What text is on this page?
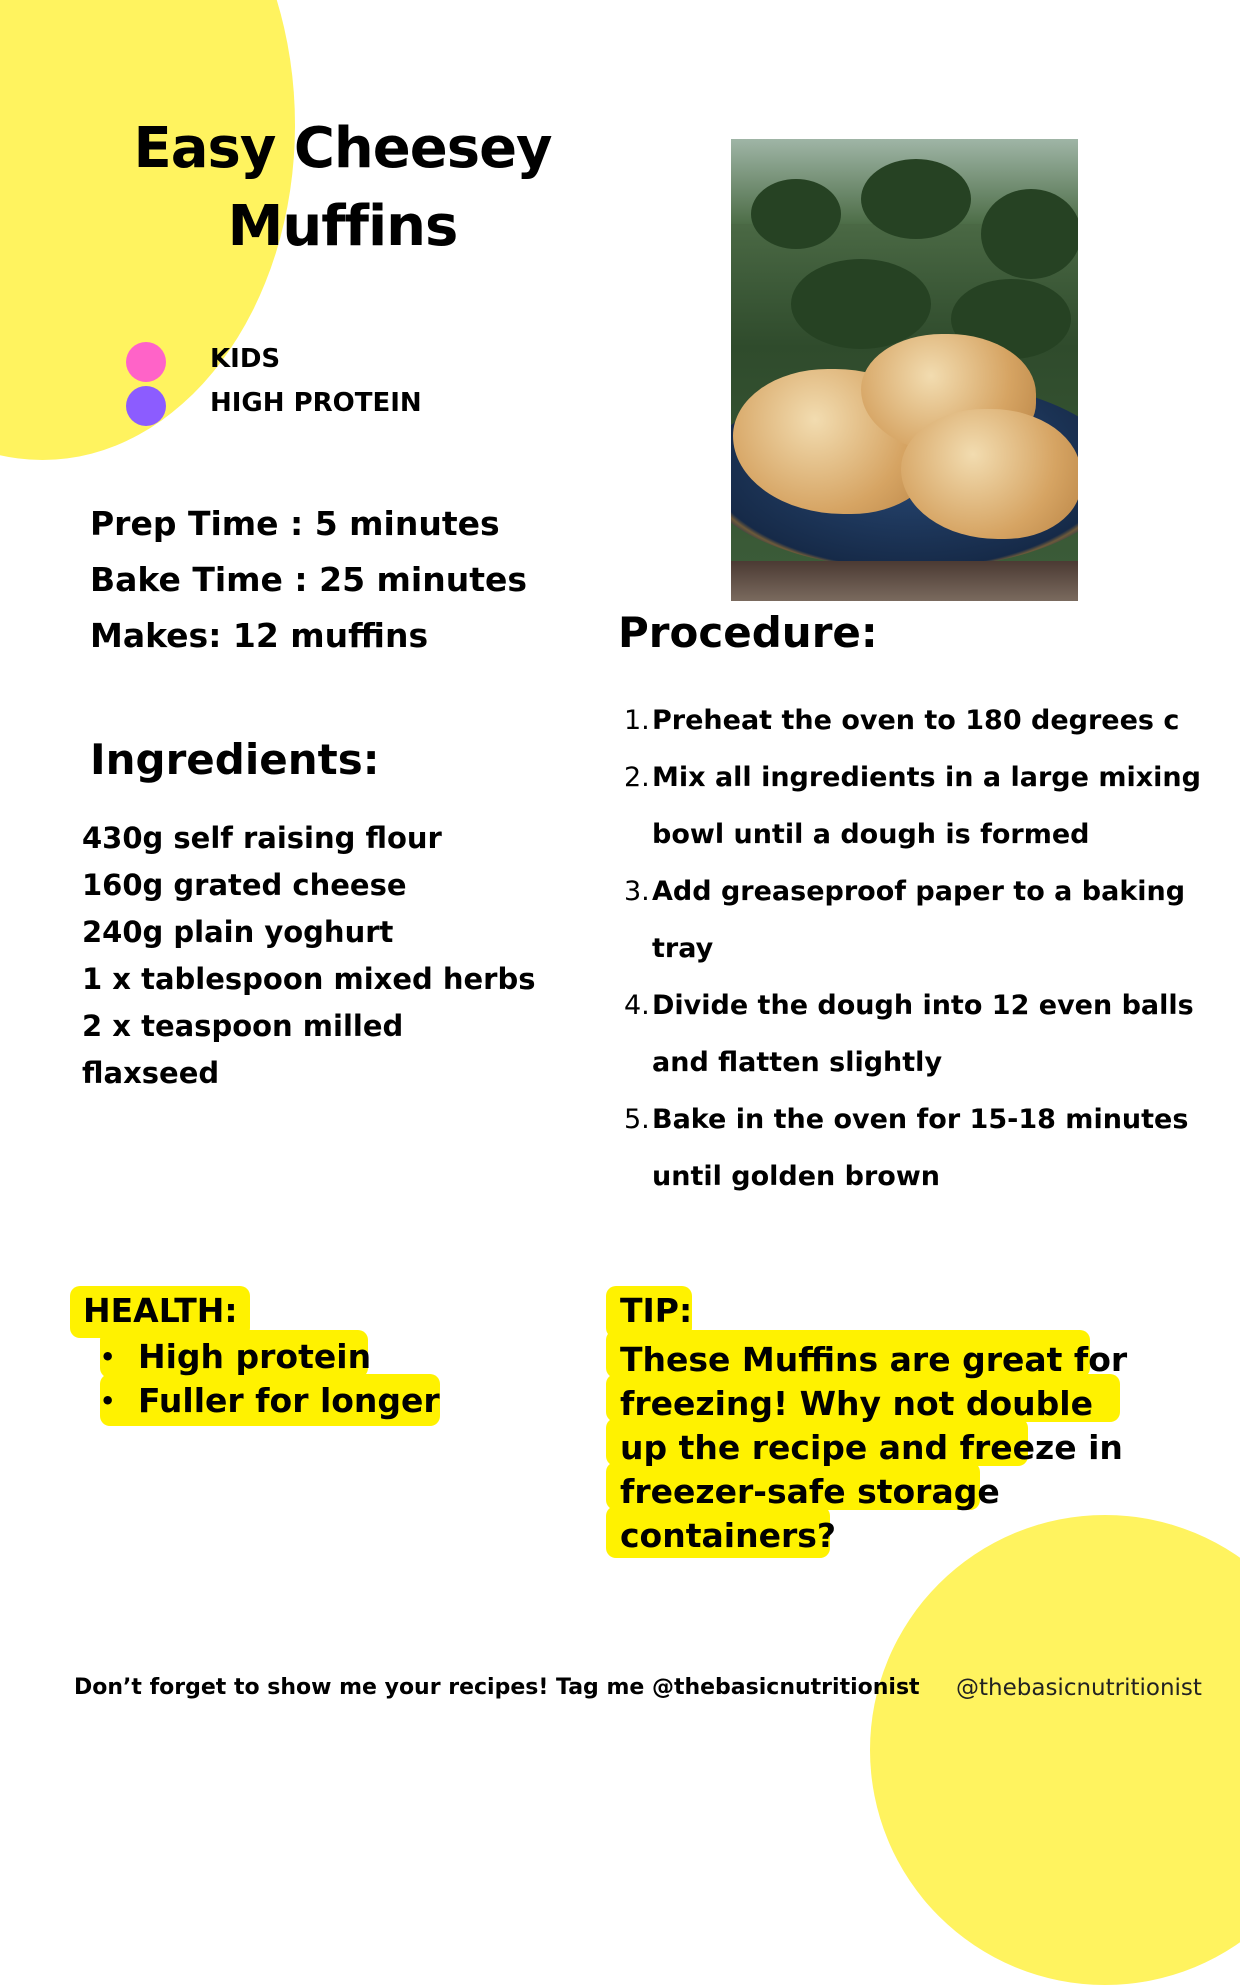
Easy Cheesey
Muffins
KIDS
HIGH PROTEIN
Prep Time : 5 minutes
Bake Time : 25 minutes
Makes: 12 muffins
Ingredients:
430g self raising flour
160g grated cheese
240g plain yoghurt
1 x tablespoon mixed herbs
2 x teaspoon milled
flaxseed
Procedure:
1. Preheat the oven to 180 degrees c
2. Mix all ingredients in a large mixing bowl until a dough is formed
3. Add greaseproof paper to a baking tray
4. Divide the dough into 12 even balls and flatten slightly
5. Bake in the oven for 15-18 minutes until golden brown
HEALTH:
• High protein
• Fuller for longer
TIP:
These Muffins are great for freezing! Why not double up the recipe and freeze in freezer-safe storage containers?
Don’t forget to show me your recipes! Tag me @thebasicnutritionist @thebasicnutritionist
